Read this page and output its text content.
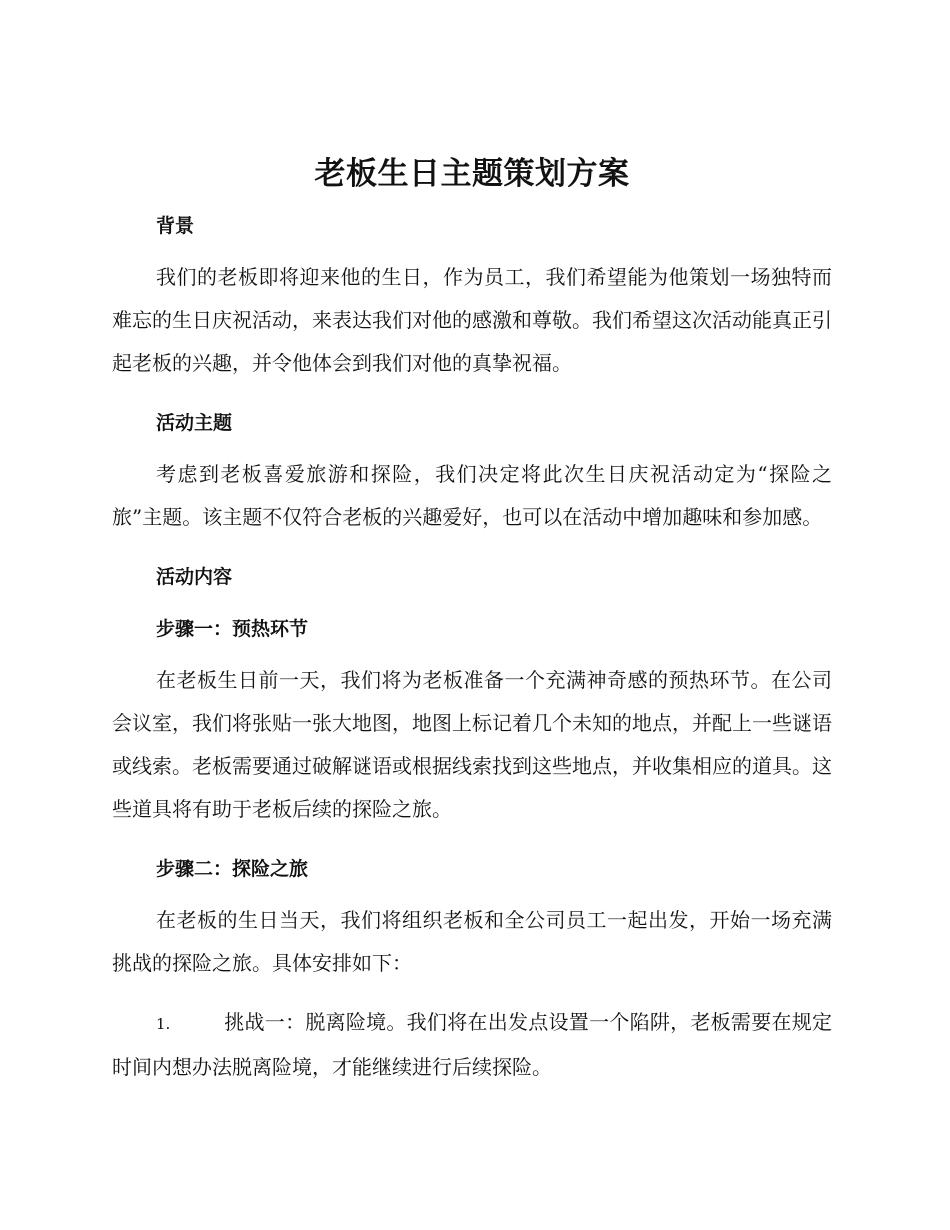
老板生日主题策划方案
背景

我们的老板即将迎来他的生日，作为员工，我们希望能为他策划一场独特而难忘的生日庆祝活动，来表达我们对他的感激和尊敬。我们希望这次活动能真正引起老板的兴趣，并令他体会到我们对他的真挚祝福。

活动主题

考虑到老板喜爱旅游和探险，我们决定将此次生日庆祝活动定为“探险之旅”主题。该主题不仅符合老板的兴趣爱好，也可以在活动中增加趣味和参加感。

活动内容
步骤一：预热环节

在老板生日前一天，我们将为老板准备一个充满神奇感的预热环节。在公司会议室，我们将张贴一张大地图，地图上标记着几个未知的地点，并配上一些谜语或线索。老板需要通过破解谜语或根据线索找到这些地点，并收集相应的道具。这些道具将有助于老板后续的探险之旅。

步骤二：探险之旅

在老板的生日当天，我们将组织老板和全公司员工一起出发，开始一场充满挑战的探险之旅。具体安排如下：

1.	挑战一：脱离险境。我们将在出发点设置一个陷阱，老板需要在规定时间内想办法脱离险境，才能继续进行后续探险。
